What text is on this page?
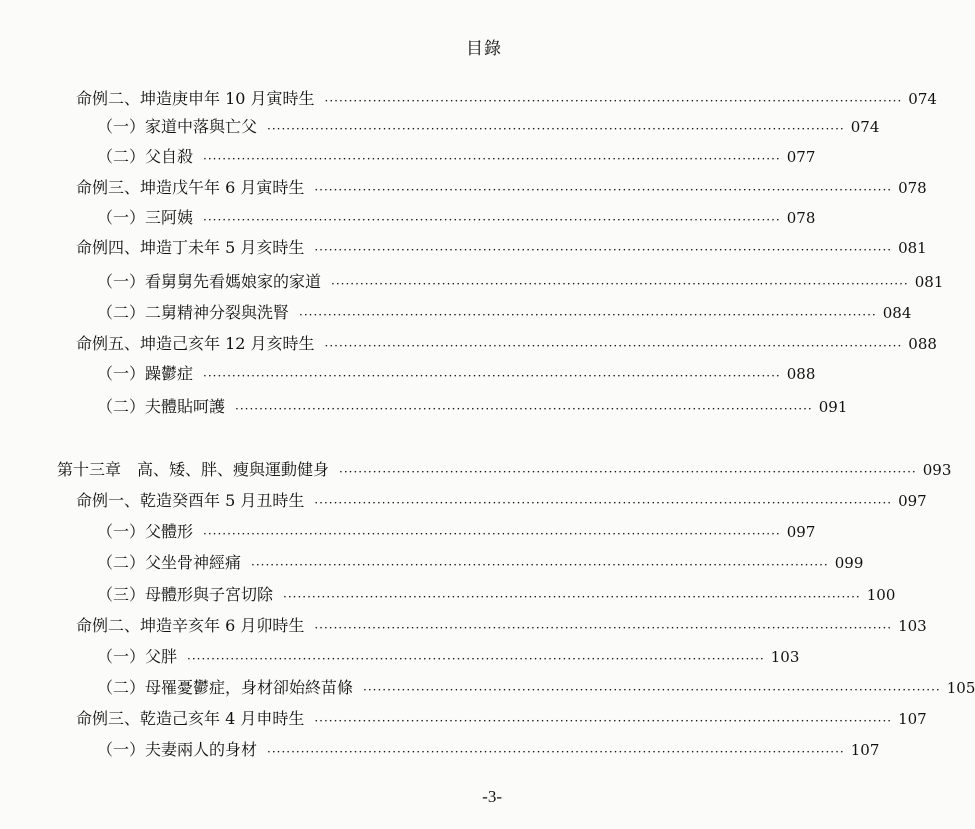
目錄
命例二、坤造庚申年 10 月寅時生 ························································································································ 074
（一）家道中落與亡父 ························································································································ 074
（二）父自殺 ························································································································ 077
命例三、坤造戊午年 6 月寅時生 ························································································································ 078
（一）三阿姨 ························································································································ 078
命例四、坤造丁未年 5 月亥時生 ························································································································ 081
（一）看舅舅先看媽娘家的家道 ························································································································ 081
（二）二舅精神分裂與洗腎 ························································································································ 084
命例五、坤造己亥年 12 月亥時生 ························································································································ 088
（一）躁鬱症 ························································································································ 088
（二）夫體貼呵護 ························································································································ 091
第十三章　高、矮、胖、瘦與運動健身 ························································································································ 093
命例一、乾造癸酉年 5 月丑時生 ························································································································ 097
（一）父體形 ························································································································ 097
（二）父坐骨神經痛 ························································································································ 099
（三）母體形與子宮切除 ························································································································ 100
命例二、坤造辛亥年 6 月卯時生 ························································································································ 103
（一）父胖 ························································································································ 103
（二）母罹憂鬱症，身材卻始終苗條 ························································································································ 105
命例三、乾造己亥年 4 月申時生 ························································································································ 107
（一）夫妻兩人的身材 ························································································································ 107
-3-
